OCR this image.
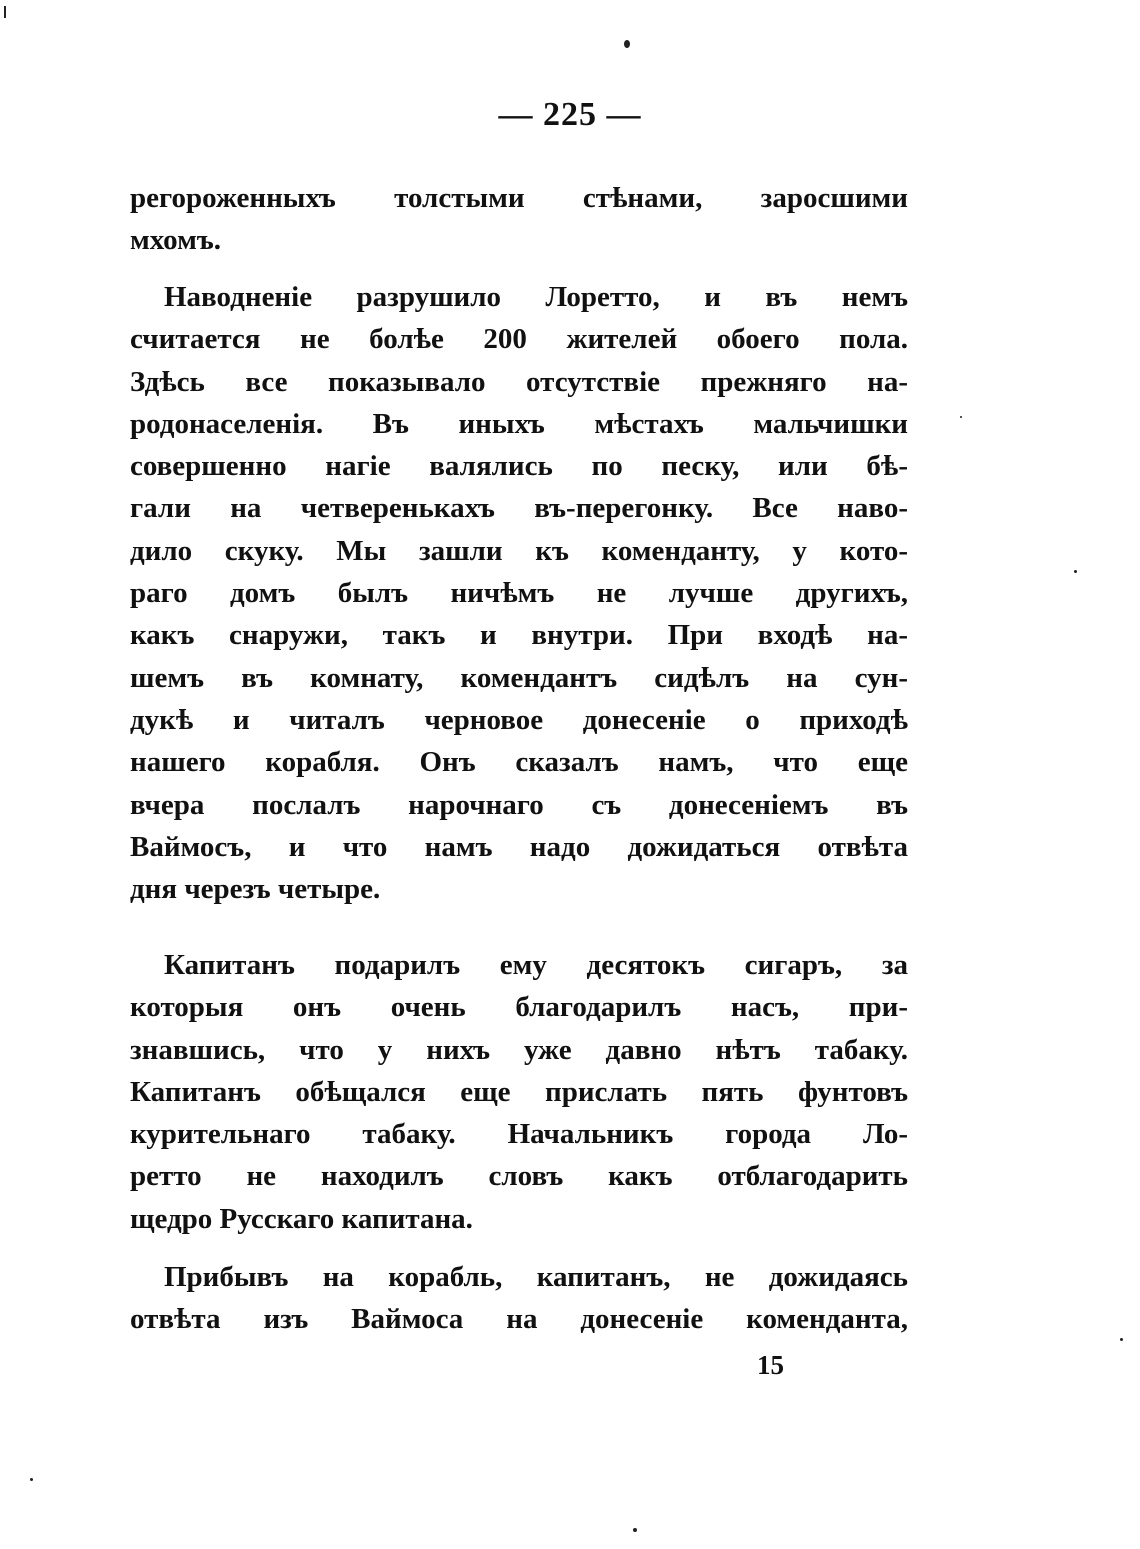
— 225 —
регороженныхъ толстыми стѣнами, заросшими
мхомъ.
Наводненіе разрушило Лоретто, и въ немъ
считается не болѣе 200 жителей обоего пола.
Здѣсь все показывало отсутствіе прежняго на-
родонаселенія. Въ иныхъ мѣстахъ мальчишки
совершенно нагіе валялись по песку, или бѣ-
гали на четверенькахъ въ-перегонку. Все наво-
дило скуку. Мы зашли къ коменданту, у кото-
раго домъ былъ ничѣмъ не лучше другихъ,
какъ снаружи, такъ и внутри. При входѣ на-
шемъ въ комнату, комендантъ сидѣлъ на сун-
дукѣ и читалъ черновое донесеніе о приходѣ
нашего корабля. Онъ сказалъ намъ, что еще
вчера послалъ нарочнаго съ донесеніемъ въ
Ваймосъ, и что намъ надо дожидаться отвѣта
дня черезъ четыре.
Капитанъ подарилъ ему десятокъ сигаръ, за
которыя онъ очень благодарилъ насъ, при-
знавшись, что у нихъ уже давно нѣтъ табаку.
Капитанъ обѣщался еще прислать пять фунтовъ
курительнаго табаку. Начальникъ города Ло-
ретто не находилъ словъ какъ отблагодарить
щедро Русскаго капитана.
Прибывъ на корабль, капитанъ, не дожидаясь
отвѣта изъ Ваймоса на донесеніе коменданта,
15
